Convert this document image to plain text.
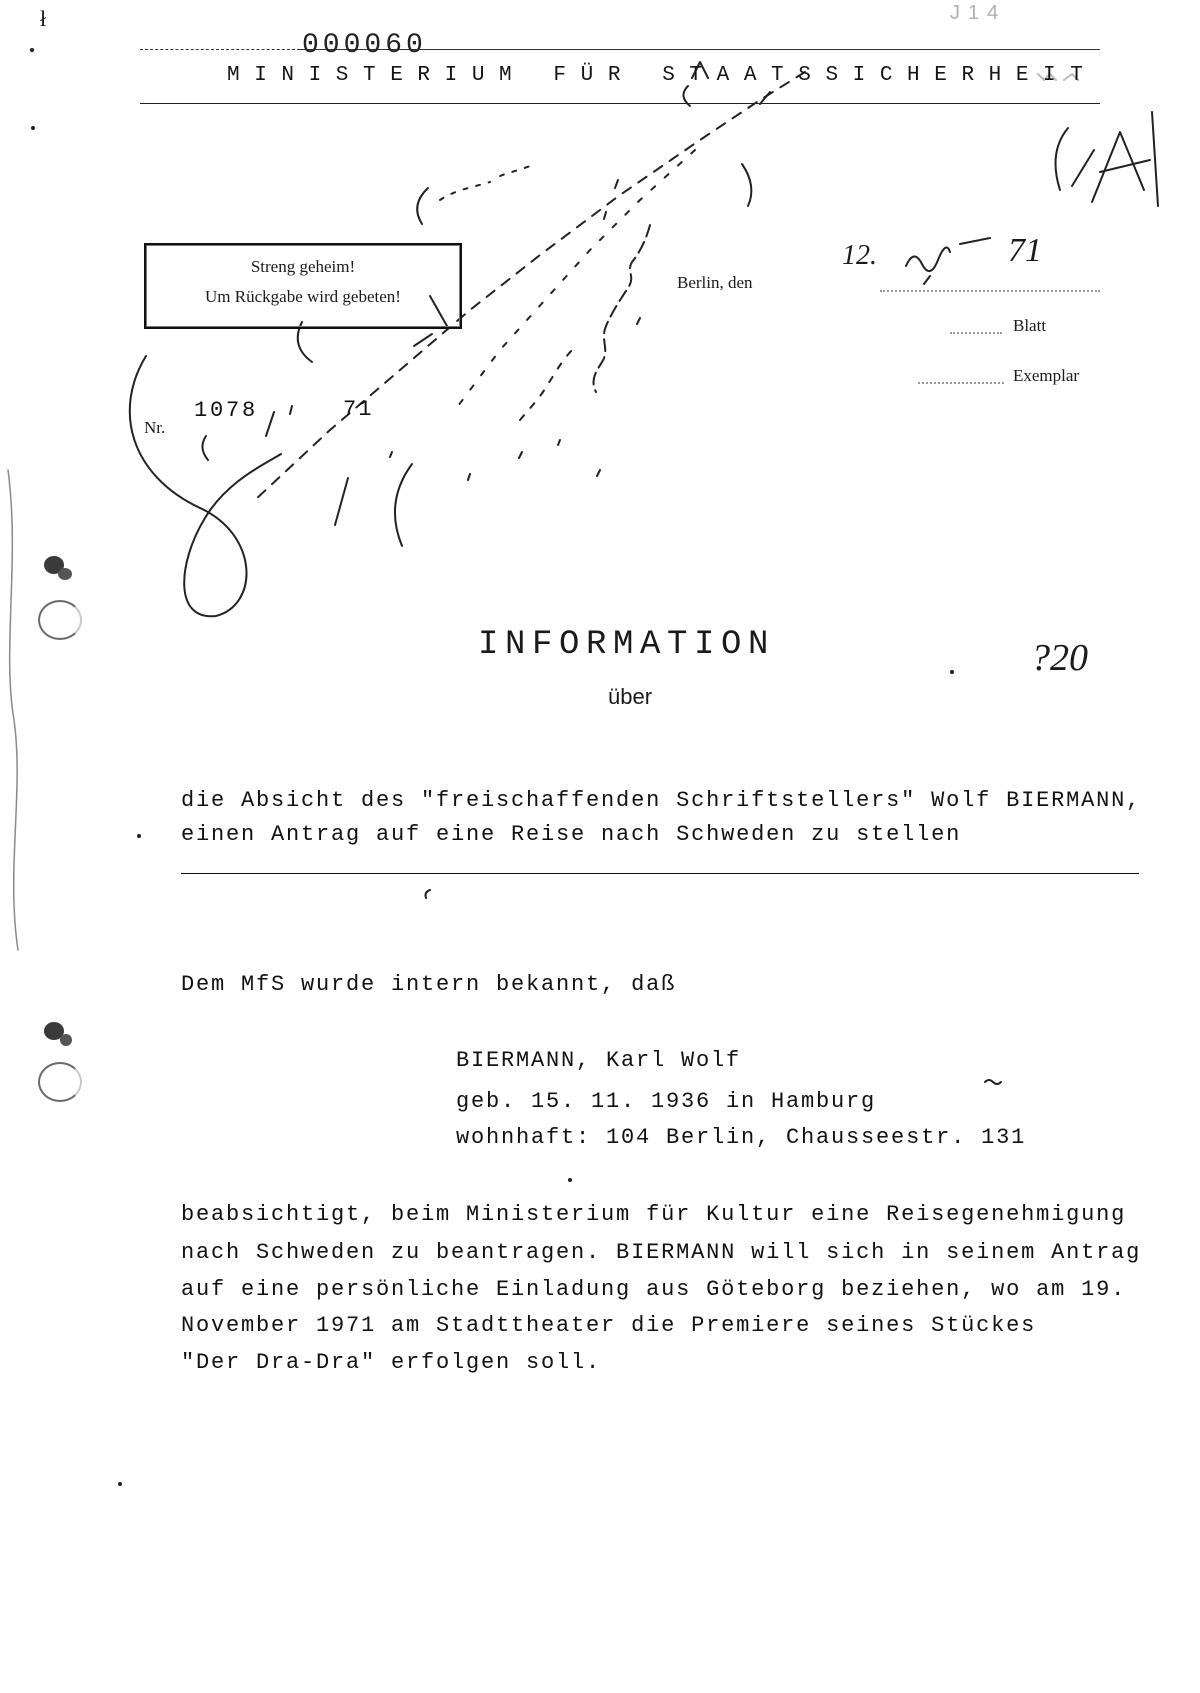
ł	J14
000060
MINISTERIUM FÜR STAATSSICHERHEIT
Streng geheim!
Um Rückgabe wird gebeten!
Berlin, den
12.	71
Blatt
Exemplar
Nr.
1078	71
INFORMATION
über
?20
die Absicht des "freischaffenden Schriftstellers" Wolf BIERMANN,
einen Antrag auf eine Reise nach Schweden zu stellen
Dem MfS wurde intern bekannt, daß
BIERMANN, Karl Wolf
geb. 15. 11. 1936 in Hamburg
wohnhaft: 104 Berlin, Chausseestr. 131
beabsichtigt, beim Ministerium für Kultur eine Reisegenehmigung
nach Schweden zu beantragen. BIERMANN will sich in seinem Antrag
auf eine persönliche Einladung aus Göteborg beziehen, wo am 19.
November 1971 am Stadttheater die Premiere seines Stückes
"Der Dra-Dra" erfolgen soll.
